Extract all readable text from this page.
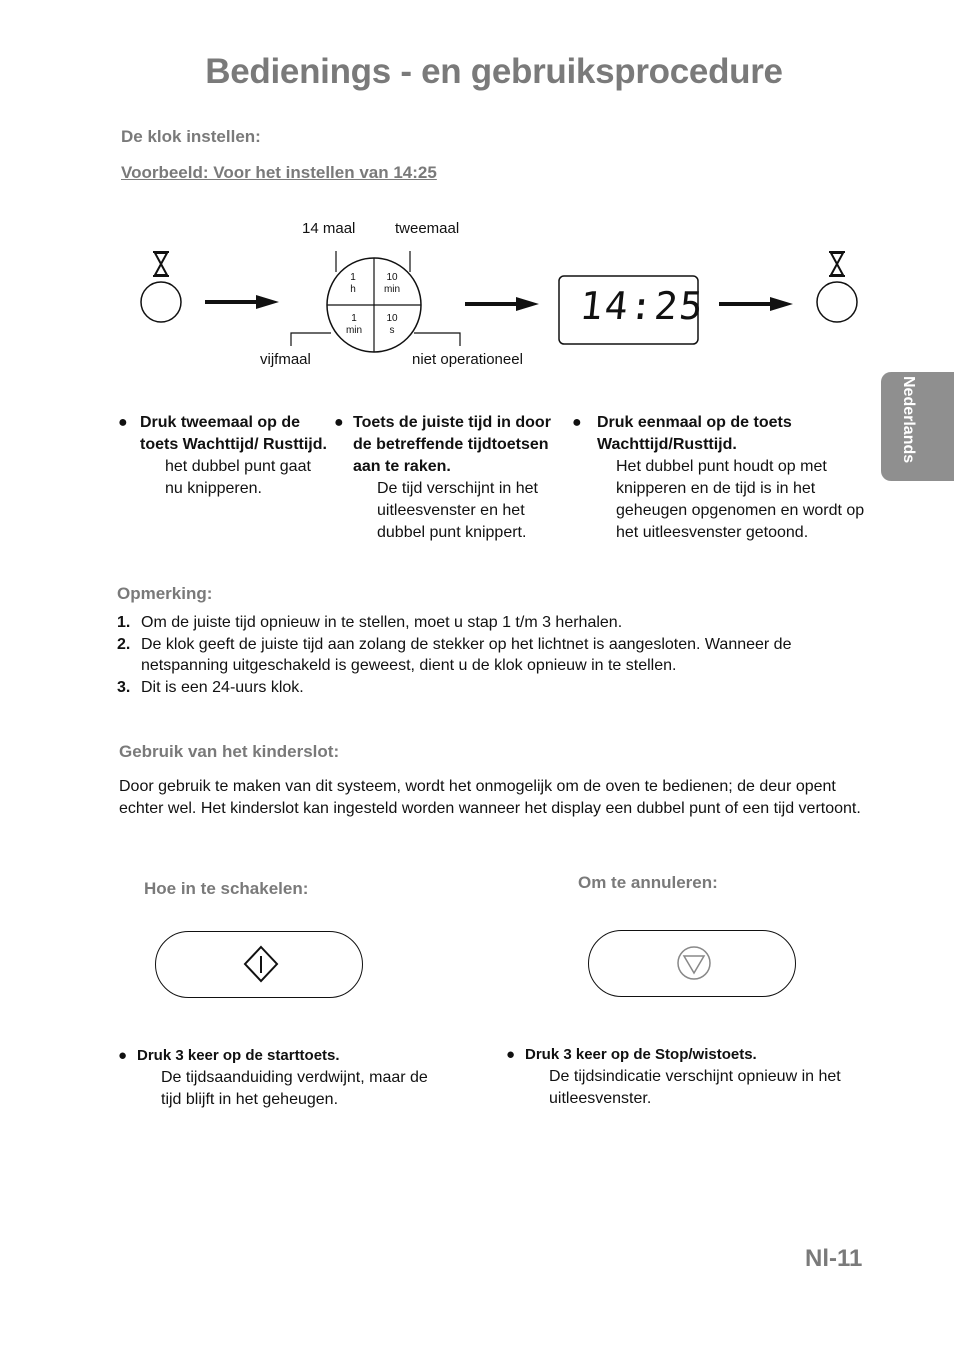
Bedienings - en gebruiksprocedure
De klok instellen:
Voorbeeld: Voor het instellen van 14:25
14 maal	tweemaal
vijfmaal	niet operationeel
1
h
10
min
1
min
10
s
14:25
● Druk tweemaal op de toets Wachttijd/ Rusttijd.
het dubbel punt gaat nu knipperen.
● Toets de juiste tijd in door de betreffende tijdtoetsen aan te raken.
De tijd verschijnt in het uitleesvenster en het dubbel punt knippert.
● Druk eenmaal op de toets Wachttijd/Rusttijd.
Het dubbel punt houdt op met knipperen en de tijd is in het geheugen opgenomen en wordt op het uitleesvenster getoond.
Opmerking:
1. Om de juiste tijd opnieuw in te stellen, moet u stap 1 t/m 3 herhalen.
2. De klok geeft de juiste tijd aan zolang de stekker op het lichtnet is aangesloten. Wanneer de netspanning uitgeschakeld is geweest, dient u de klok opnieuw in te stellen.
3. Dit is een 24-uurs klok.
Gebruik van het kinderslot:
Door gebruik te maken van dit systeem, wordt het onmogelijk om de oven te bedienen; de deur opent echter wel. Het kinderslot kan ingesteld worden wanneer het display een dubbel punt of een tijd vertoont.
Hoe in te schakelen:	Om te annuleren:
● Druk 3 keer op de starttoets.
De tijdsaanduiding verdwijnt, maar de tijd blijft in het geheugen.
● Druk 3 keer op de Stop/wistoets.
De tijdsindicatie verschijnt opnieuw in het uitleesvenster.
Nederlands
Nl-11
